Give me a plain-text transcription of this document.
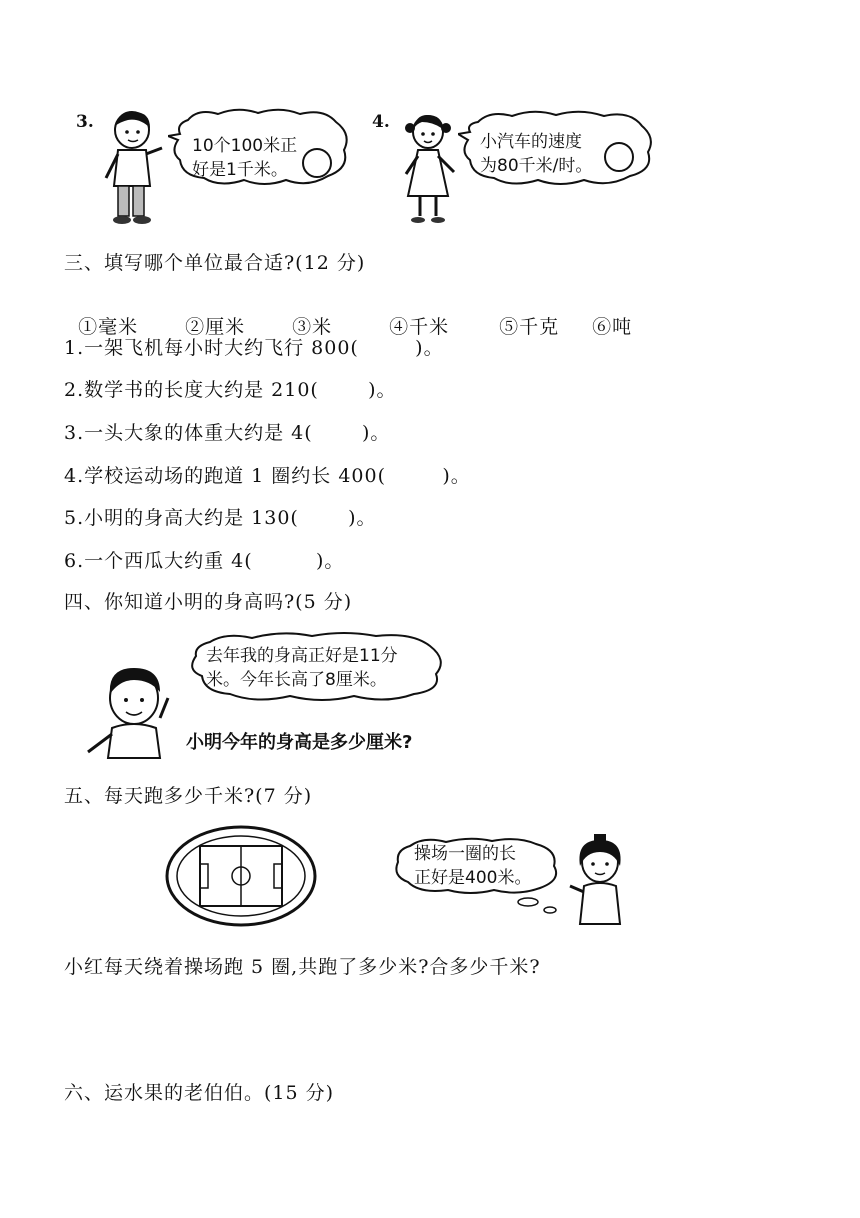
3.
10个100米正
好是1千米。
4.
小汽车的速度
为80千米/时。
三、填写哪个单位最合适?(12 分)

①毫米 ②厘米 ③米	④千米	⑤千克 ⑥吨

1.一架飞机每小时大约飞行 800(        )。
2.数学书的长度大约是 210(       )。
3.一头大象的体重大约是 4(       )。
4.学校运动场的跑道 1 圈约长 400(        )。
5.小明的身高大约是 130(       )。
6.一个西瓜大约重 4(         )。
四、你知道小明的身高吗?(5 分)
去年我的身高正好是11分
米。今年长高了8厘米。
小明今年的身高是多少厘米?
五、每天跑多少千米?(7 分)
操场一圈的长
正好是400米。
小红每天绕着操场跑 5 圈,共跑了多少米?合多少千米?
六、运水果的老伯伯。(15 分)
